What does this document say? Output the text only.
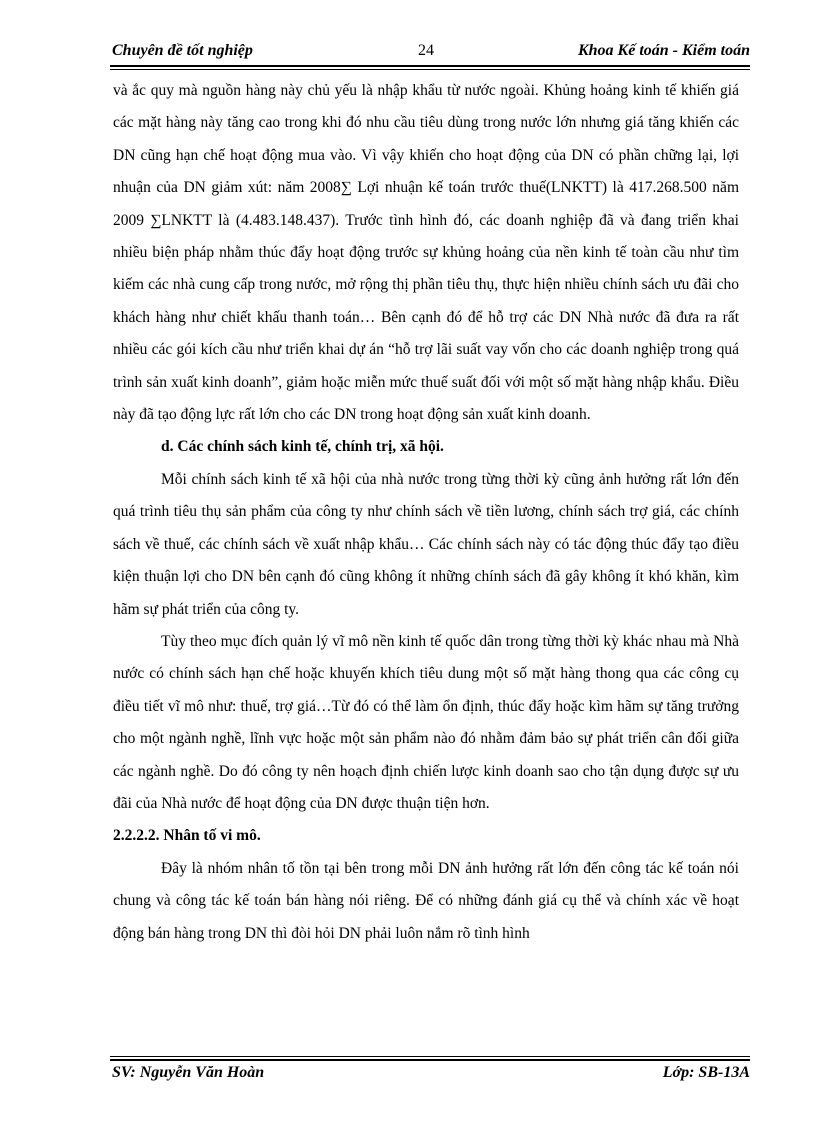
Chuyên đề tốt nghiệp	24	Khoa Kế toán - Kiểm toán

và ắc quy mà nguồn hàng này chủ yếu là nhập khẩu từ nước ngoài. Khủng hoảng kinh tế khiến giá các mặt hàng này tăng cao trong khi đó nhu cầu tiêu dùng trong nước lớn nhưng giá tăng khiến các DN cũng hạn chế hoạt động mua vào. Vì vậy khiến cho hoạt động của DN có phần chững lại, lợi nhuận của DN giảm xút: năm 2008∑ Lợi nhuận kế toán trước thuế(LNKTT) là 417.268.500 năm 2009 ∑LNKTT là (4.483.148.437). Trước tình hình đó, các doanh nghiệp đã và đang triển khai nhiều biện pháp nhằm thúc đẩy hoạt động trước sự khủng hoảng của nền kinh tế toàn cầu như tìm kiếm các nhà cung cấp trong nước, mở rộng thị phần tiêu thụ, thực hiện nhiều chính sách ưu đãi cho khách hàng như chiết khấu thanh toán… Bên cạnh đó để hỗ trợ các DN Nhà nước đã đưa ra rất nhiều các gói kích cầu như triển khai dự án “hỗ trợ lãi suất vay vốn cho các doanh nghiệp trong quá trình sản xuất kinh doanh”, giảm hoặc miễn mức thuế suất đối với một số mặt hàng nhập khẩu. Điều này đã tạo động lực rất lớn cho các DN trong hoạt động sản xuất kinh doanh.

d. Các chính sách kinh tế, chính trị, xã hội.

Mỗi chính sách kinh tế xã hội của nhà nước trong từng thời kỳ cũng ảnh hưởng rất lớn đến quá trình tiêu thụ sản phẩm của công ty như chính sách về tiền lương, chính sách trợ giá, các chính sách về thuế, các chính sách về xuất nhập khẩu… Các chính sách này có tác động thúc đẩy tạo điều kiện thuận lợi cho DN bên cạnh đó cũng không ít những chính sách đã gây không ít khó khăn, kìm hãm sự phát triển của công ty.

Tùy theo mục đích quản lý vĩ mô nền kinh tế quốc dân trong từng thời kỳ khác nhau mà Nhà nước có chính sách hạn chế hoặc khuyến khích tiêu dung một số mặt hàng thong qua các công cụ điều tiết vĩ mô như: thuế, trợ giá…Từ đó có thể làm ổn định, thúc đẩy hoặc kìm hãm sự tăng trưởng cho một ngành nghề, lĩnh vực hoặc một sản phẩm nào đó nhằm đảm bảo sự phát triển cân đối giữa các ngành nghề. Do đó công ty nên hoạch định chiến lược kinh doanh sao cho tận dụng được sự ưu đãi của Nhà nước để hoạt động của DN được thuận tiện hơn.

2.2.2.2. Nhân tố vi mô.

Đây là nhóm nhân tố tồn tại bên trong mỗi DN ảnh hưởng rất lớn đến công tác kế toán nói chung và công tác kế toán bán hàng nói riêng. Để có những đánh giá cụ thể và chính xác về hoạt động bán hàng trong DN thì đòi hỏi DN phải luôn nắm rõ tình hình

SV: Nguyễn Văn Hoàn	Lớp: SB-13A
